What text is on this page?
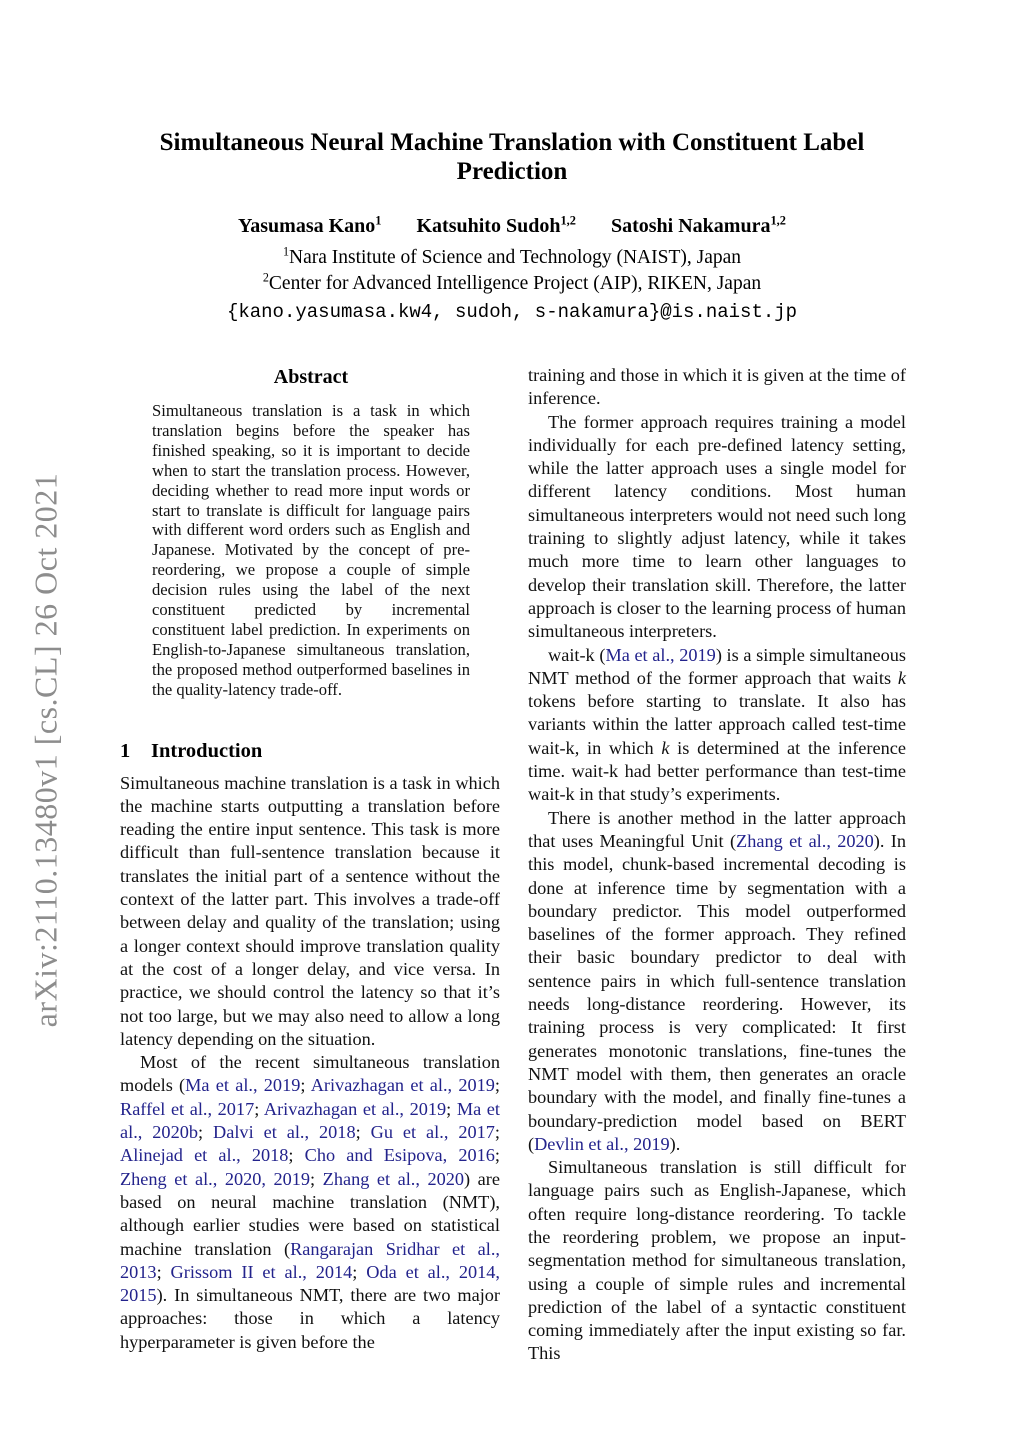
arXiv:2110.13480v1 [cs.CL] 26 Oct 2021
Simultaneous Neural Machine Translation with Constituent Label
Prediction
Yasumasa Kano$^1$ Katsuhito Sudoh$^{1,2}$ Satoshi Nakamura$^{1,2}$
$^1$Nara Institute of Science and Technology (NAIST), Japan
$^2$Center for Advanced Intelligence Project (AIP), RIKEN, Japan
{kano.yasumasa.kw4, sudoh, s-nakamura}@is.naist.jp
Abstract

Simultaneous translation is a task in which translation begins before the speaker has finished speaking, so it is important to decide when to start the translation process. However, deciding whether to read more input words or start to translate is difficult for language pairs with different word orders such as English and Japanese. Motivated by the concept of pre-reordering, we propose a couple of simple decision rules using the label of the next constituent predicted by incremental constituent label prediction. In experiments on English-to-Japanese simultaneous translation, the proposed method outperformed baselines in the quality-latency trade-off.

1 Introduction

Simultaneous machine translation is a task in which the machine starts outputting a translation before reading the entire input sentence. This task is more difficult than full-sentence translation because it translates the initial part of a sentence without the context of the latter part. This involves a trade-off between delay and quality of the translation; using a longer context should improve translation quality at the cost of a longer delay, and vice versa. In practice, we should control the latency so that it’s not too large, but we may also need to allow a long latency depending on the situation.

Most of the recent simultaneous translation models (Ma et al., 2019; Arivazhagan et al., 2019; Raffel et al., 2017; Arivazhagan et al., 2019; Ma et al., 2020b; Dalvi et al., 2018; Gu et al., 2017; Alinejad et al., 2018; Cho and Esipova, 2016; Zheng et al., 2020, 2019; Zhang et al., 2020) are based on neural machine translation (NMT), although earlier studies were based on statistical machine translation (Rangarajan Sridhar et al., 2013; Grissom II et al., 2014; Oda et al., 2014, 2015). In simultaneous NMT, there are two major approaches: those in which a latency hyperparameter is given before the

training and those in which it is given at the time of inference.

The former approach requires training a model individually for each pre-defined latency setting, while the latter approach uses a single model for different latency conditions. Most human simultaneous interpreters would not need such long training to slightly adjust latency, while it takes much more time to learn other languages to develop their translation skill. Therefore, the latter approach is closer to the learning process of human simultaneous interpreters.

wait-k (Ma et al., 2019) is a simple simultaneous NMT method of the former approach that waits k tokens before starting to translate. It also has variants within the latter approach called test-time wait-k, in which k is determined at the inference time. wait-k had better performance than test-time wait-k in that study’s experiments.

There is another method in the latter approach that uses Meaningful Unit (Zhang et al., 2020). In this model, chunk-based incremental decoding is done at inference time by segmentation with a boundary predictor. This model outperformed baselines of the former approach. They refined their basic boundary predictor to deal with sentence pairs in which full-sentence translation needs long-distance reordering. However, its training process is very complicated: It first generates monotonic translations, fine-tunes the NMT model with them, then generates an oracle boundary with the model, and finally fine-tunes a boundary-prediction model based on BERT (Devlin et al., 2019).

Simultaneous translation is still difficult for language pairs such as English-Japanese, which often require long-distance reordering. To tackle the reordering problem, we propose an input-segmentation method for simultaneous translation, using a couple of simple rules and incremental prediction of the label of a syntactic constituent coming immediately after the input existing so far. This
